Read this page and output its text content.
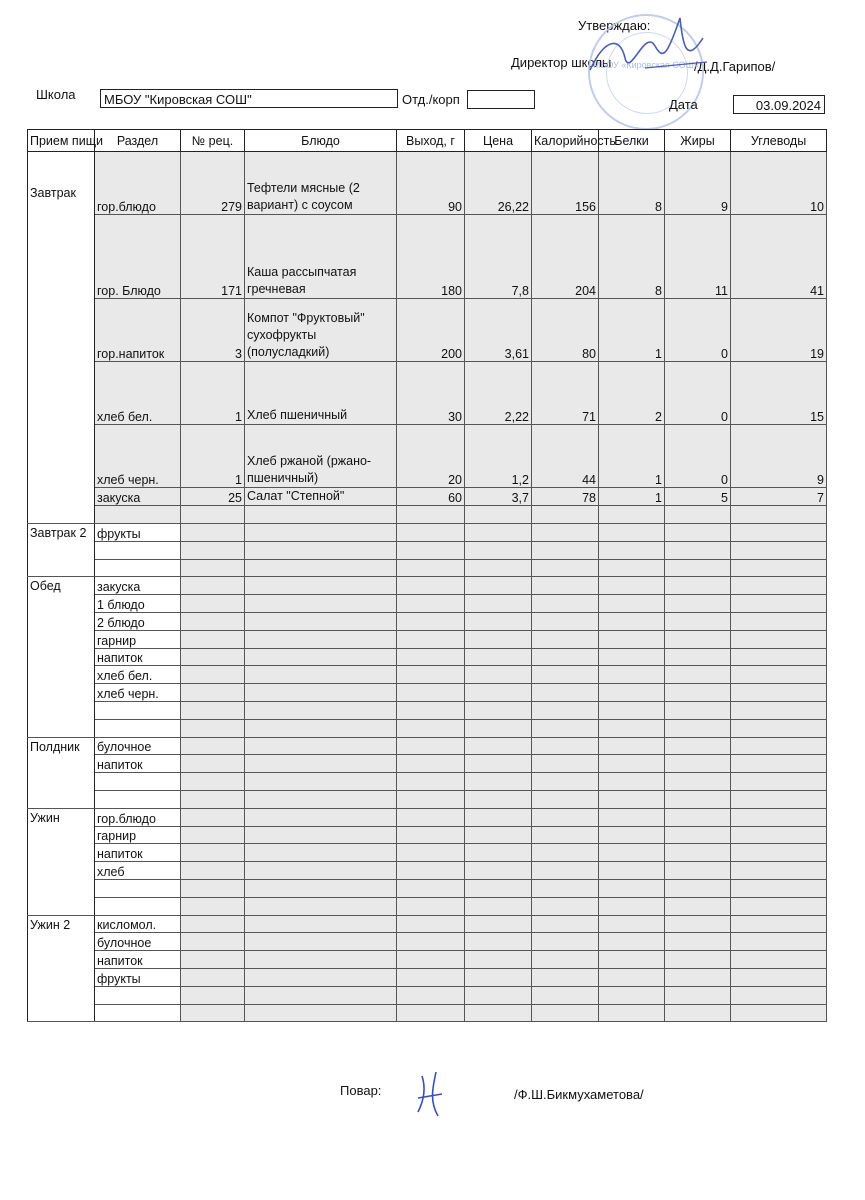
Утверждаю:
Директор школы	/Д.Д.Гарипов/
МБОУ «Кировская СОШ»
Школа	МБОУ "Кировская СОШ"	Отд./корп	Дата	03.09.2024
Прием пищи	Раздел	№ рец.	Блюдо	Выход, г	Цена	Калорийность	Белки	Жиры	Углеводы
Завтрак	гор.блюдо	279	Тефтели мясные (2 вариант) с соусом	90	26,22	156	8	9	10
	гор. Блюдо	171	Каша рассыпчатая гречневая	180	7,8	204	8	11	41
	гор.напиток	3	Компот "Фруктовый" сухофрукты (полусладкий)	200	3,61	80	1	0	19
	хлеб бел.	1	Хлеб пшеничный	30	2,22	71	2	0	15
	хлеб черн.	1	Хлеб ржаной (ржано-пшеничный)	20	1,2	44	1	0	9
	закуска	25	Салат "Степной"	60	3,7	78	1	5	7

Завтрак 2	фрукты								

Обед	закуска								
	1 блюдо								
	2 блюдо								
	гарнир								
	напиток								
	хлеб бел.								
	хлеб черн.								

Полдник	булочное								
	напиток								

Ужин	гор.блюдо								
	гарнир								
	напиток								
	хлеб								

Ужин 2	кисломол.								
	булочное								
	напиток								
	фрукты								

Повар:	/Ф.Ш.Бикмухаметова/
